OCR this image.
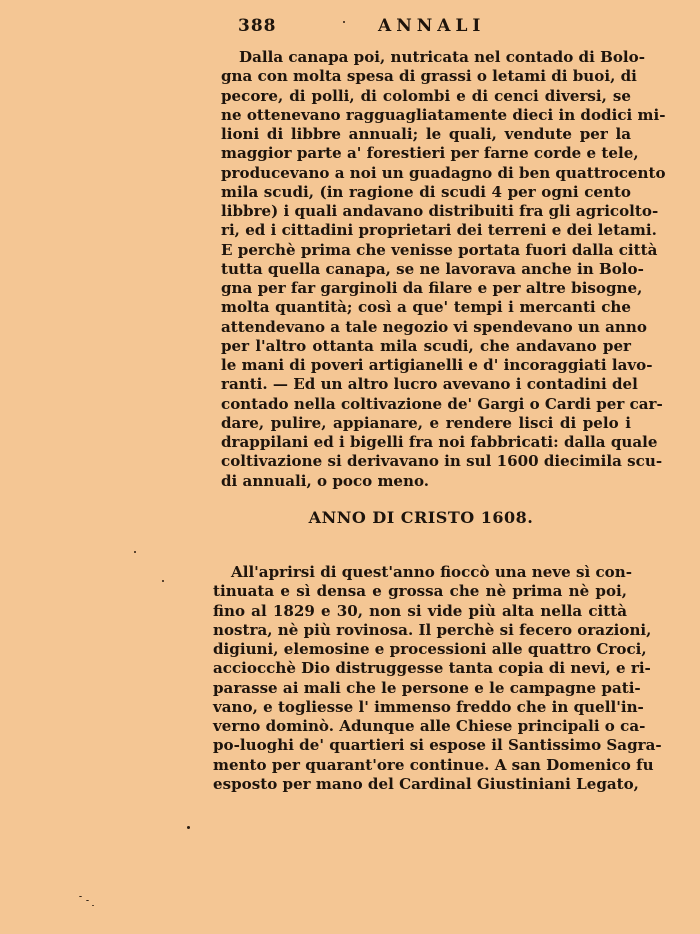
388	ANNALI
Dalla canapa poi, nutricata nel contado di Bolo-
gna con molta spesa di grassi o letami di buoi, di
pecore, di polli, di colombi e di cenci diversi, se
ne ottenevano ragguagliatamente dieci in dodici mi-
lioni di libbre annuali; le quali, vendute per la
maggior parte a' forestieri per farne corde e tele,
producevano a noi un guadagno di ben quattrocento
mila scudi, (in ragione di scudi 4 per ogni cento
libbre) i quali andavano distribuiti fra gli agricolto-
ri, ed i cittadini proprietari dei terreni e dei letami.
E perchè prima che venisse portata fuori dalla città
tutta quella canapa, se ne lavorava anche in Bolo-
gna per far garginoli da filare e per altre bisogne,
molta quantità; così a que' tempi i mercanti che
attendevano a tale negozio vi spendevano un anno
per l'altro ottanta mila scudi, che andavano per
le mani di poveri artigianelli e d' incoraggiati lavo-
ranti. — Ed un altro lucro avevano i contadini del
contado nella coltivazione de' Gargi o Cardi per car-
dare, pulire, appianare, e rendere lisci di pelo i
drappilani ed i bigelli fra noi fabbricati: dalla quale
coltivazione si derivavano in sul 1600 diecimila scu-
di annuali, o poco meno.
ANNO DI CRISTO 1608.
All'aprirsi di quest'anno fioccò una neve sì con-
tinuata e sì densa e grossa che nè prima nè poi,
fino al 1829 e 30, non si vide più alta nella città
nostra, nè più rovinosa. Il perchè si fecero orazioni,
digiuni, elemosine e processioni alle quattro Croci,
acciocchè Dio distruggesse tanta copia di nevi, e ri-
parasse ai mali che le persone e le campagne pati-
vano, e togliesse l' immenso freddo che in quell'in-
verno dominò. Adunque alle Chiese principali o ca-
po-luoghi de' quartieri si espose il Santissimo Sagra-
mento per quarant'ore continue. A san Domenico fu
esposto per mano del Cardinal Giustiniani Legato,
